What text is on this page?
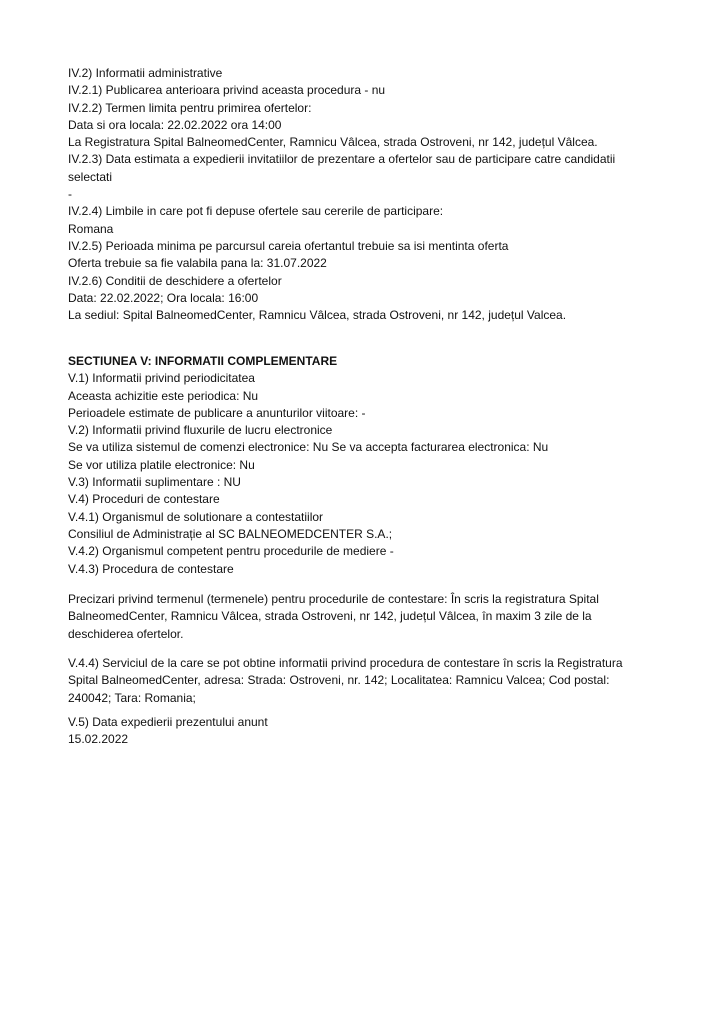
IV.2) Informatii administrative
IV.2.1) Publicarea anterioara privind aceasta procedura - nu
IV.2.2) Termen limita pentru primirea ofertelor:
Data si ora locala: 22.02.2022 ora 14:00
La Registratura Spital BalneomedCenter, Ramnicu Vâlcea, strada Ostroveni, nr 142, județul Vâlcea.
IV.2.3) Data estimata a expedierii invitatiilor de prezentare a ofertelor sau de participare catre candidatii
selectati
-
IV.2.4) Limbile in care pot fi depuse ofertele sau cererile de participare:
Romana
IV.2.5) Perioada minima pe parcursul careia ofertantul trebuie sa isi mentinta oferta
Oferta trebuie sa fie valabila pana la: 31.07.2022
IV.2.6) Conditii de deschidere a ofertelor
Data: 22.02.2022; Ora locala: 16:00
La sediul: Spital BalneomedCenter, Ramnicu Vâlcea, strada Ostroveni, nr 142, județul Valcea.
SECTIUNEA V: INFORMATII COMPLEMENTARE
V.1) Informatii privind periodicitatea
Aceasta achizitie este periodica: Nu
Perioadele estimate de publicare a anunturilor viitoare: -
V.2) Informatii privind fluxurile de lucru electronice
Se va utiliza sistemul de comenzi electronice: Nu Se va accepta facturarea electronica: Nu
Se vor utiliza platile electronice: Nu
V.3) Informatii suplimentare : NU
V.4) Proceduri de contestare
V.4.1) Organismul de solutionare a contestatiilor
Consiliul de Administrație al SC BALNEOMEDCENTER S.A.;
V.4.2) Organismul competent pentru procedurile de mediere -
V.4.3) Procedura de contestare
Precizari privind termenul (termenele) pentru procedurile de contestare: În scris la registratura Spital
BalneomedCenter, Ramnicu Vâlcea, strada Ostroveni, nr 142, județul Vâlcea, în maxim 3 zile de la
deschiderea ofertelor.
V.4.4) Serviciul de la care se pot obtine informatii privind procedura de contestare în scris la Registratura
Spital BalneomedCenter, adresa: Strada: Ostroveni, nr. 142; Localitatea: Ramnicu Valcea; Cod postal:
240042; Tara: Romania;
V.5) Data expedierii prezentului anunt
15.02.2022
